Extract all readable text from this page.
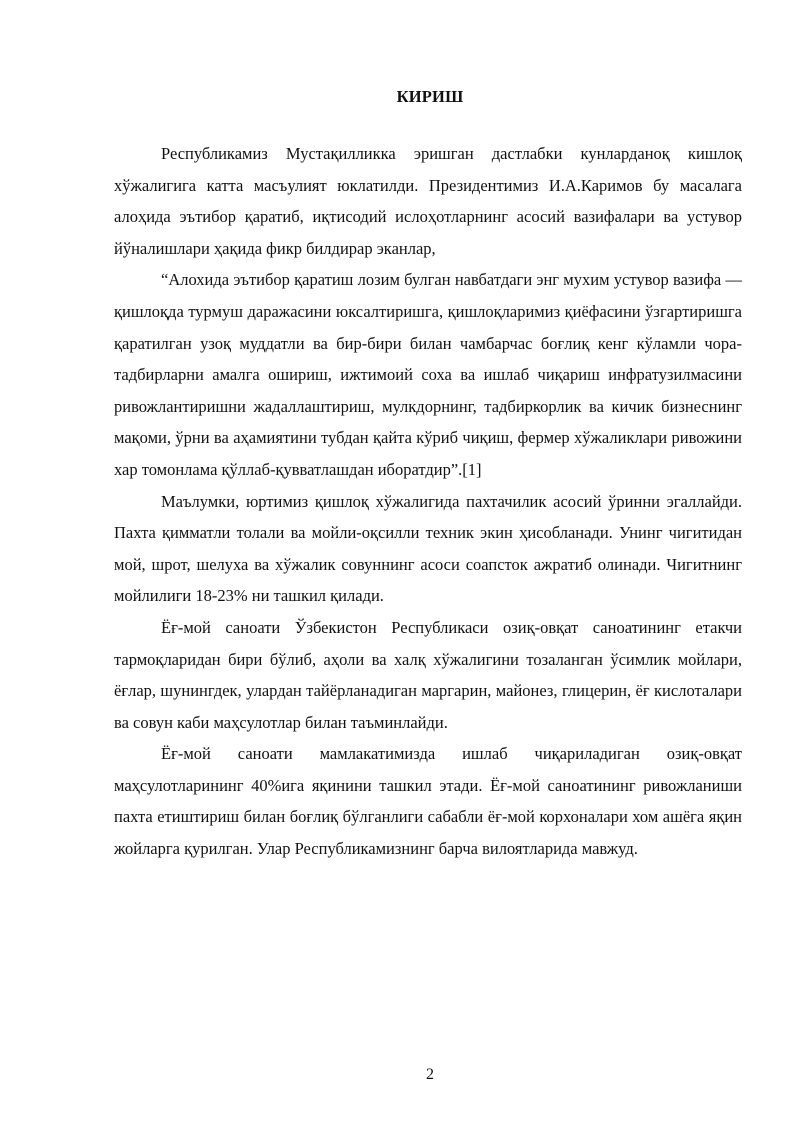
КИРИШ

Республикамиз Мустақилликка эришган дастлабки кунларданоқ кишлоқ хўжалигига катта масъулият юклатилди. Президентимиз И.А.Каримов бу масалага алоҳида эътибор қаратиб, иқтисодий ислоҳотларнинг асосий вазифалари ва устувор йўналишлари ҳақида фикр билдирар эканлар,

“Алохида эътибор қаратиш лозим булган навбатдаги энг мухим устувор вазифа — қишлоқда турмуш даражасини юксалтиришга, қишлоқларимиз қиёфасини ўзгартиришга қаратилган узоқ муддатли ва бир-бири билан чамбарчас боғлиқ кенг кўламли чора-тадбирларни амалга ошириш, ижтимоий соха ва ишлаб чиқариш инфратузилмасини ривожлантиришни жадаллаштириш, мулкдорнинг, тадбиркорлик ва кичик бизнеснинг мақоми, ўрни ва аҳамиятини тубдан қайта кўриб чиқиш, фермер хўжаликлари ривожини хар томонлама қўллаб-қувватлашдан иборатдир”.[1]

Маълумки, юртимиз қишлоқ хўжалигида пахтачилик асосий ўринни эгаллайди. Пахта қимматли толали ва мойли-оқсилли техник экин ҳисобланади. Унинг чигитидан мой, шрот, шелуха ва хўжалик совуннинг асоси соапсток ажратиб олинади. Чигитнинг мойлилиги 18-23% ни ташкил қилади.

Ёғ-мой саноати Ўзбекистон Республикаси озиқ-овқат саноатининг етакчи тармоқларидан бири бўлиб, аҳоли ва халқ хўжалигини тозаланган ўсимлик мойлари, ёғлар, шунингдек, улардан тайёрланадиган маргарин, майонез, глицерин, ёғ кислоталари ва совун каби маҳсулотлар билан таъминлайди.

Ёғ-мой саноати мамлакатимизда ишлаб чиқариладиган озиқ-овқат маҳсулотларининг 40%ига яқинини ташкил этади. Ёғ-мой саноатининг ривожланиши пахта етиштириш билан боғлиқ бўлганлиги сабабли ёғ-мой корхоналари хом ашёга яқин жойларга қурилган. Улар Республикамизнинг барча вилоятларида мавжуд.

2
